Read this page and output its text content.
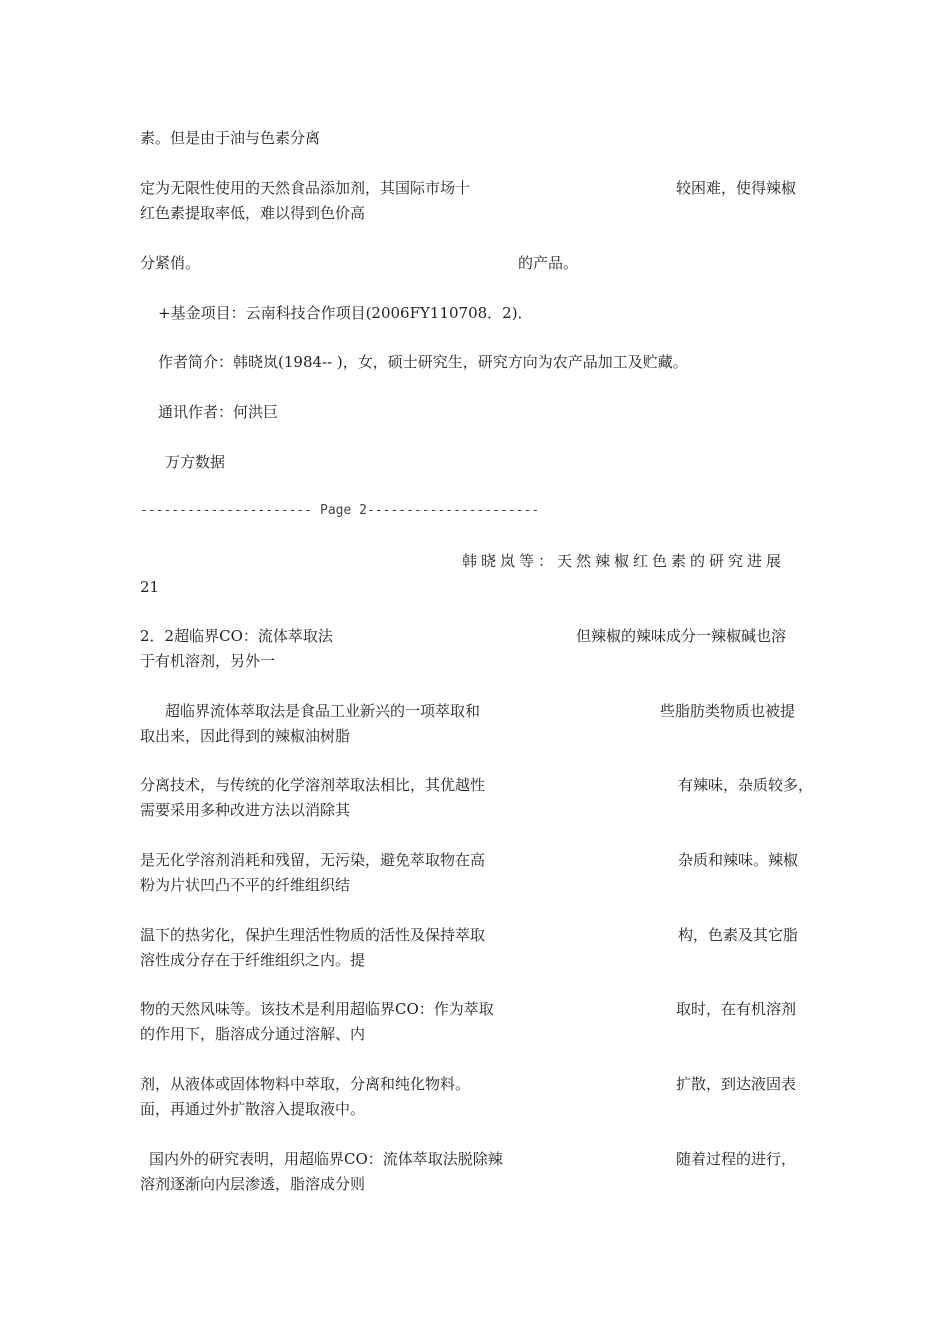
素。但是由于油与色素分离
定为无限性使用的天然食品添加剂，其国际市场十	较困难，使得辣椒
红色素提取率低，难以得到色价高
分紧俏。	的产品。
+基金项目：云南科技合作项目(2006FY110708．2)．
作者简介：韩晓岚(1984-- )，女，硕士研究生，研究方向为农产品加工及贮藏。
通讯作者：何洪巨
万方数据
---------------------- Page 2----------------------
韩晓岚等：天然辣椒红色素的研究进展
21
2．2超临界CO：流体萃取法	但辣椒的辣味成分一辣椒碱也溶
于有机溶剂，另外一
超临界流体萃取法是食品工业新兴的一项萃取和	些脂肪类物质也被提
取出来，因此得到的辣椒油树脂
分离技术，与传统的化学溶剂萃取法相比，其优越性	有辣味，杂质较多，
需要采用多种改进方法以消除其
是无化学溶剂消耗和残留，无污染，避免萃取物在高	杂质和辣味。辣椒
粉为片状凹凸不平的纤维组织结
温下的热劣化，保护生理活性物质的活性及保持萃取	构，色素及其它脂
溶性成分存在于纤维组织之内。提
物的天然风味等。该技术是利用超临界CO：作为萃取	取时，在有机溶剂
的作用下，脂溶成分通过溶解、内
剂，从液体或固体物料中萃取，分离和纯化物料。	扩散，到达液固表
面，再通过外扩散溶入提取液中。
国内外的研究表明，用超临界CO：流体萃取法脱除辣	随着过程的进行，
溶剂逐渐向内层渗透，脂溶成分则
